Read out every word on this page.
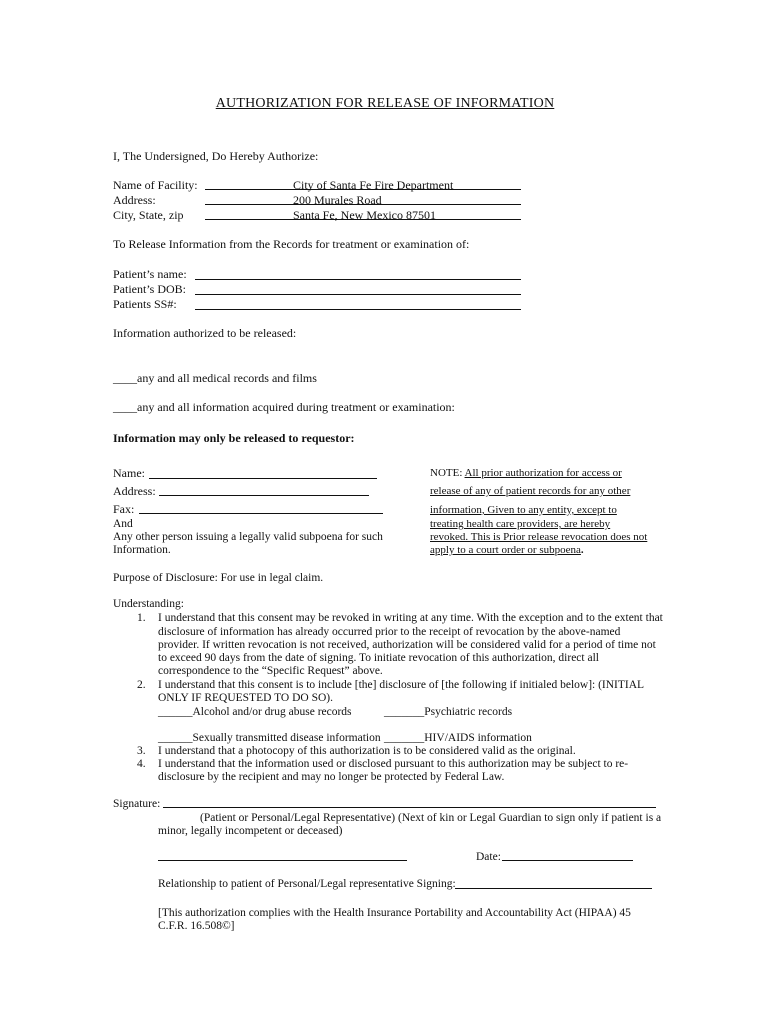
AUTHORIZATION FOR RELEASE OF INFORMATION
I, The Undersigned, Do Hereby Authorize:
Name of Facility:	City of Santa Fe Fire Department
Address:	200 Murales Road
City, State, zip	Santa Fe, New Mexico 87501
To Release Information from the Records for treatment or examination of:
Patient’s name:
Patient’s DOB:
Patients SS#:
Information authorized to be released:
____any and all medical records and films
____any and all information acquired during treatment or examination:
Information may only be released to requestor:
Name:
Address:
Fax:
And
Any other person issuing a legally valid subpoena for such
Information.
NOTE: All prior authorization for access or
release of any of patient records for any other
information, Given to any entity, except to
treating health care providers, are hereby
revoked. This is Prior release revocation does not
apply to a court order or subpoena.
Purpose of Disclosure: For use in legal claim.
Understanding:
1. I understand that this consent may be revoked in writing at any time. With the exception and to the extent that
disclosure of information has already occurred prior to the receipt of revocation by the above-named
provider. If written revocation is not received, authorization will be considered valid for a period of time not
to exceed 90 days from the date of signing. To initiate revocation of this authorization, direct all
correspondence to the “Specific Request” above.
2. I understand that this consent is to include [the] disclosure of [the following if initialed below]: (INITIAL
ONLY IF REQUESTED TO DO SO).
______Alcohol and/or drug abuse records	_______Psychiatric records
______Sexually transmitted disease information _______HIV/AIDS information
3. I understand that a photocopy of this authorization is to be considered valid as the original.
4. I understand that the information used or disclosed pursuant to this authorization may be subject to re-
disclosure by the recipient and may no longer be protected by Federal Law.
Signature:
(Patient or Personal/Legal Representative) (Next of kin or Legal Guardian to sign only if patient is a
minor, legally incompetent or deceased)
Date:
Relationship to patient of Personal/Legal representative Signing:
[This authorization complies with the Health Insurance Portability and Accountability Act (HIPAA) 45
C.F.R. 16.508©]
